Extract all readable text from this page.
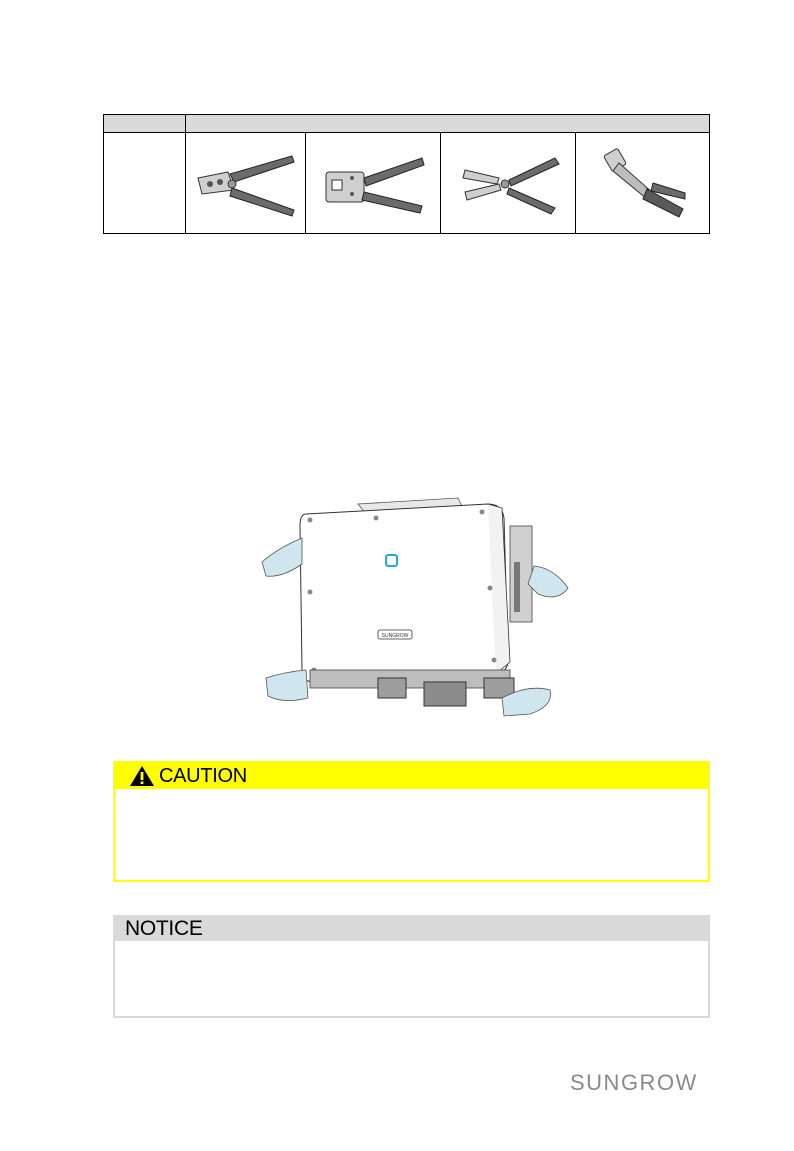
SUNGROW
CAUTION
NOTICE
SUNGROW
